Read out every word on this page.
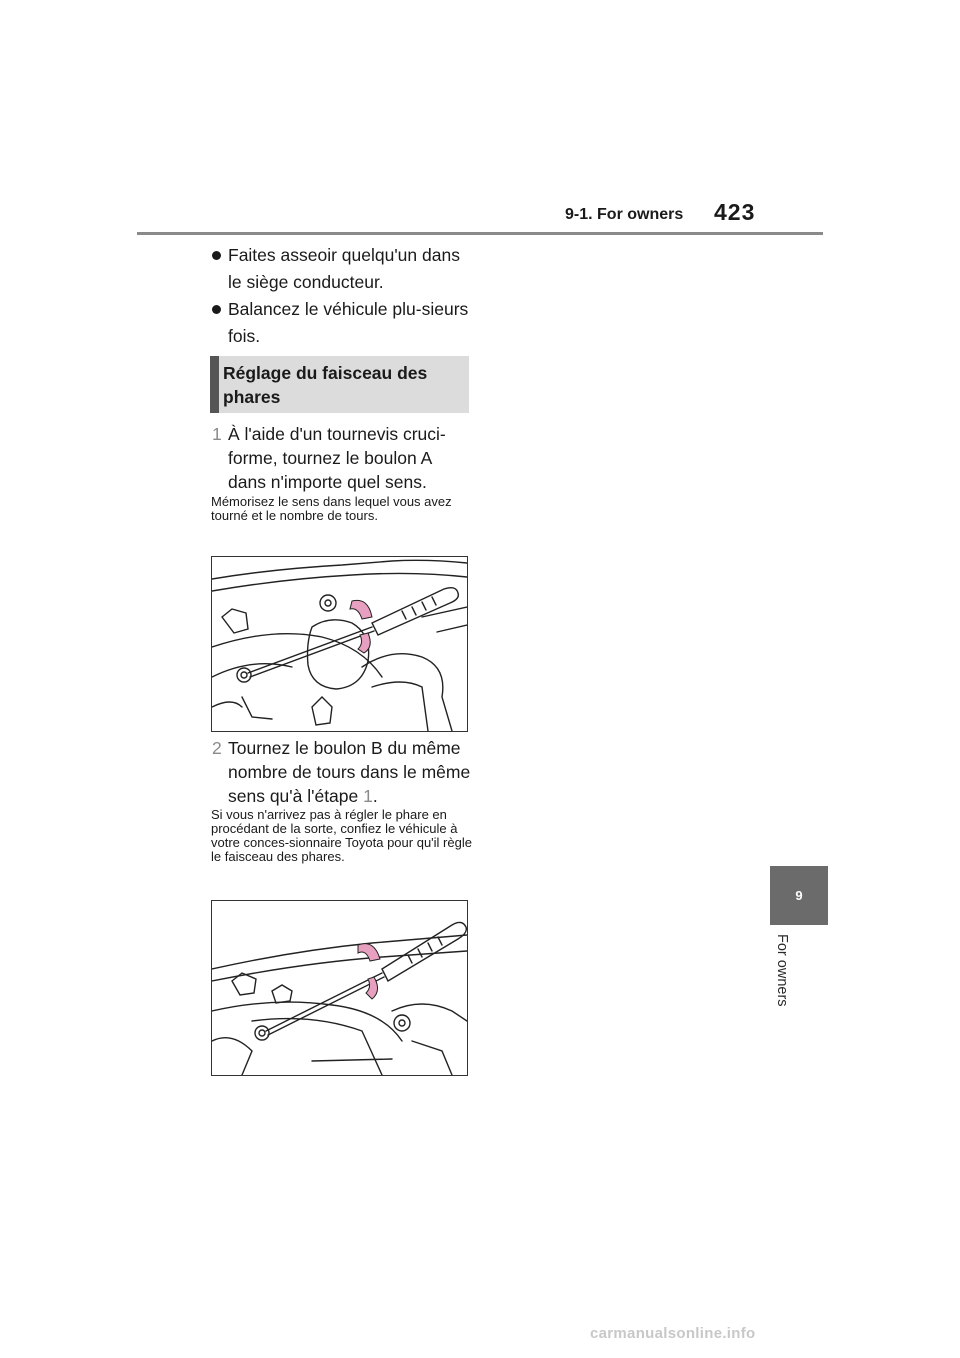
9-1. For owners 423
Faites asseoir quelqu'un dans le siège conducteur.
Balancez le véhicule plu-sieurs fois.
Réglage du faisceau des phares
1 À l'aide d'un tournevis cruci-forme, tournez le boulon A dans n'importe quel sens.
Mémorisez le sens dans lequel vous avez tourné et le nombre de tours.
2 Tournez le boulon B du même nombre de tours dans le même sens qu'à l'étape 1.
Si vous n'arrivez pas à régler le phare en procédant de la sorte, confiez le véhicule à votre conces-sionnaire Toyota pour qu'il règle le faisceau des phares.
9
For owners
carmanualsonline.info
